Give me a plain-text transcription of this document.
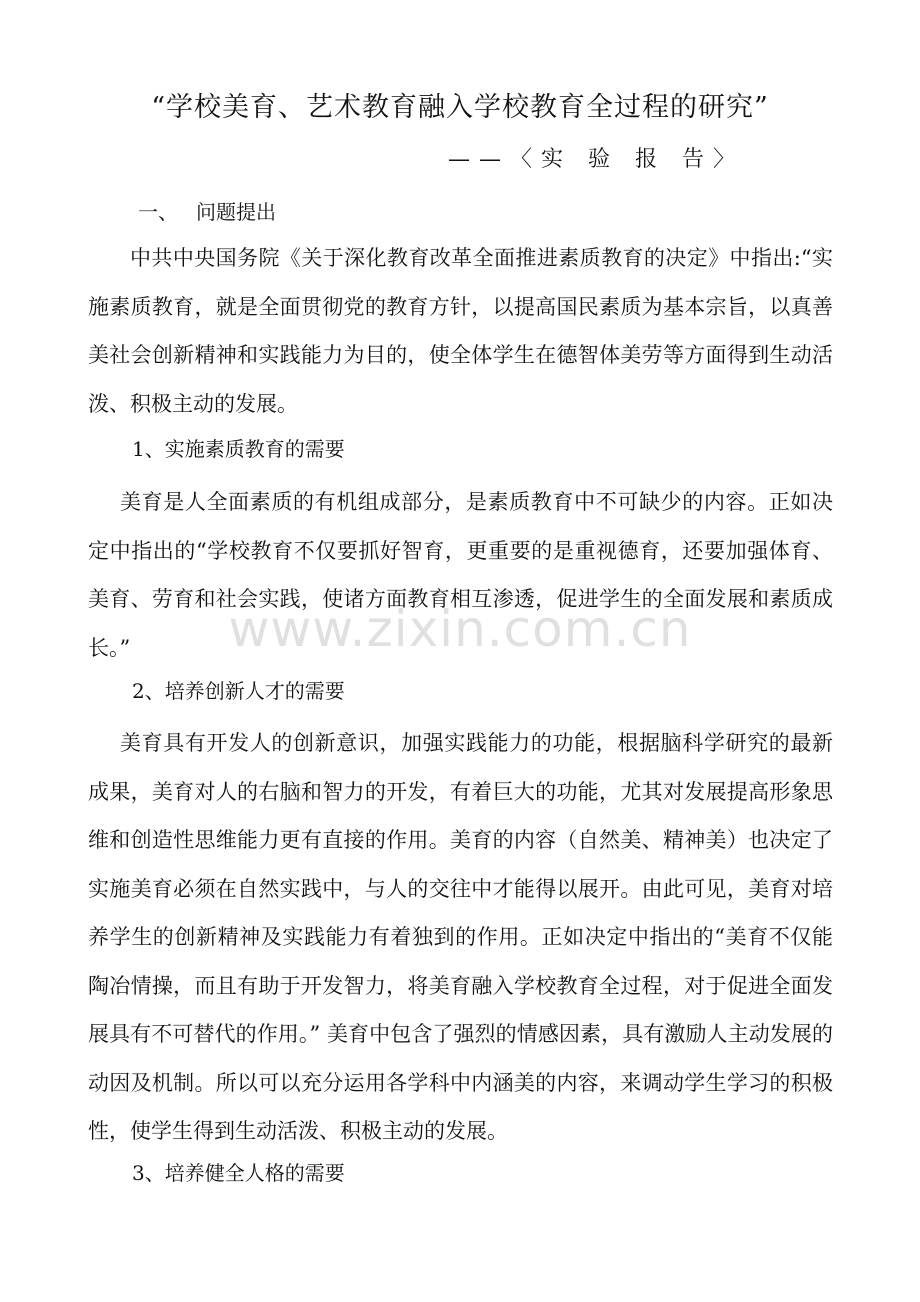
“学校美育、艺术教育融入学校教育全过程的研究”
——〈实 验 报 告〉
一、 问题提出
中共中央国务院《关于深化教育改革全面推进素质教育的决定》中指出:“实施素质教育，就是全面贯彻党的教育方针，以提高国民素质为基本宗旨，以真善美社会创新精神和实践能力为目的，使全体学生在德智体美劳等方面得到生动活泼、积极主动的发展。
1、实施素质教育的需要
美育是人全面素质的有机组成部分，是素质教育中不可缺少的内容。正如决定中指出的“学校教育不仅要抓好智育，更重要的是重视德育，还要加强体育、美育、劳育和社会实践，使诸方面教育相互渗透，促进学生的全面发展和素质成长。”
2、培养创新人才的需要
美育具有开发人的创新意识，加强实践能力的功能，根据脑科学研究的最新成果，美育对人的右脑和智力的开发，有着巨大的功能，尤其对发展提高形象思维和创造性思维能力更有直接的作用。美育的内容（自然美、精神美）也决定了实施美育必须在自然实践中，与人的交往中才能得以展开。由此可见，美育对培养学生的创新精神及实践能力有着独到的作用。正如决定中指出的“美育不仅能陶冶情操，而且有助于开发智力，将美育融入学校教育全过程，对于促进全面发展具有不可替代的作用。” 美育中包含了强烈的情感因素，具有激励人主动发展的动因及机制。所以可以充分运用各学科中内涵美的内容，来调动学生学习的积极性，使学生得到生动活泼、积极主动的发展。
3、培养健全人格的需要
www.zixin.com.cn
